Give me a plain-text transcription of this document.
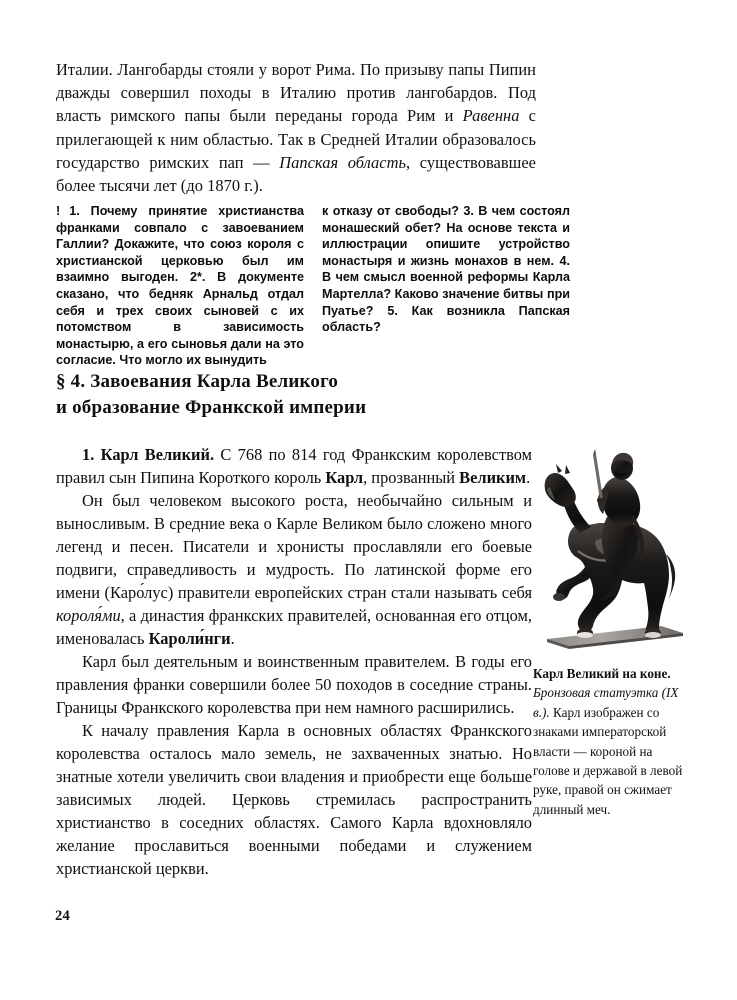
Италии. Лангобарды стояли у ворот Рима. По призыву папы Пипин дважды совершил походы в Италию против лангобардов. Под власть римского папы были переданы города Рим и Равенна с прилегающей к ним областью. Так в Средней Италии образовалось государство римских пап — Папская область, существовавшее более тысячи лет (до 1870 г.).
! 1. Почему принятие христианства франками совпало с завоеванием Галлии? Докажите, что союз короля с христианской церковью был им взаимно выгоден. 2*. В документе сказано, что бедняк Арнальд отдал себя и трех своих сыновей с их потомством в зависимость монастырю, а его сыновья дали на это согласие. Что могло их вынудить
к отказу от свободы? 3. В чем состоял монашеский обет? На основе текста и иллюстрации опишите устройство монастыря и жизнь монахов в нем. 4. В чем смысл военной реформы Карла Мартелла? Каково значение битвы при Пуатье? 5. Как возникла Папская область?
§ 4. Завоевания Карла Великого
и образование Франкской империи

1. Карл Великий. С 768 по 814 год Франкским королевством правил сын Пипина Короткого король Карл, прозванный Великим.

Он был человеком высокого роста, необычайно сильным и выносливым. В средние века о Карле Великом было сложено много легенд и песен. Писатели и хронисты прославляли его боевые подвиги, справедливость и мудрость. По латинской форме его имени (Каро́лус) правители европейских стран стали называть себя короля́ми, а династия франкских правителей, основанная его отцом, именовалась Кароли́нги.

Карл был деятельным и воинственным правителем. В годы его правления франки совершили более 50 походов в соседние страны. Границы Франкского королевства при нем намного расширились.

К началу правления Карла в основных областях Франкского королевства осталось мало земель, не захваченных знатью. Но знатные хотели увеличить свои владения и приобрести еще больше зависимых людей. Церковь стремилась распространить христианство в соседних областях. Самого Карла вдохновляло желание прославиться военными победами и служением христианской церкви.

Карл Великий на коне. Бронзовая статуэтка (IX в.). Карл изображен со знаками императорской власти — короной на голове и державой в левой руке, правой он сжимает длинный меч.
24
